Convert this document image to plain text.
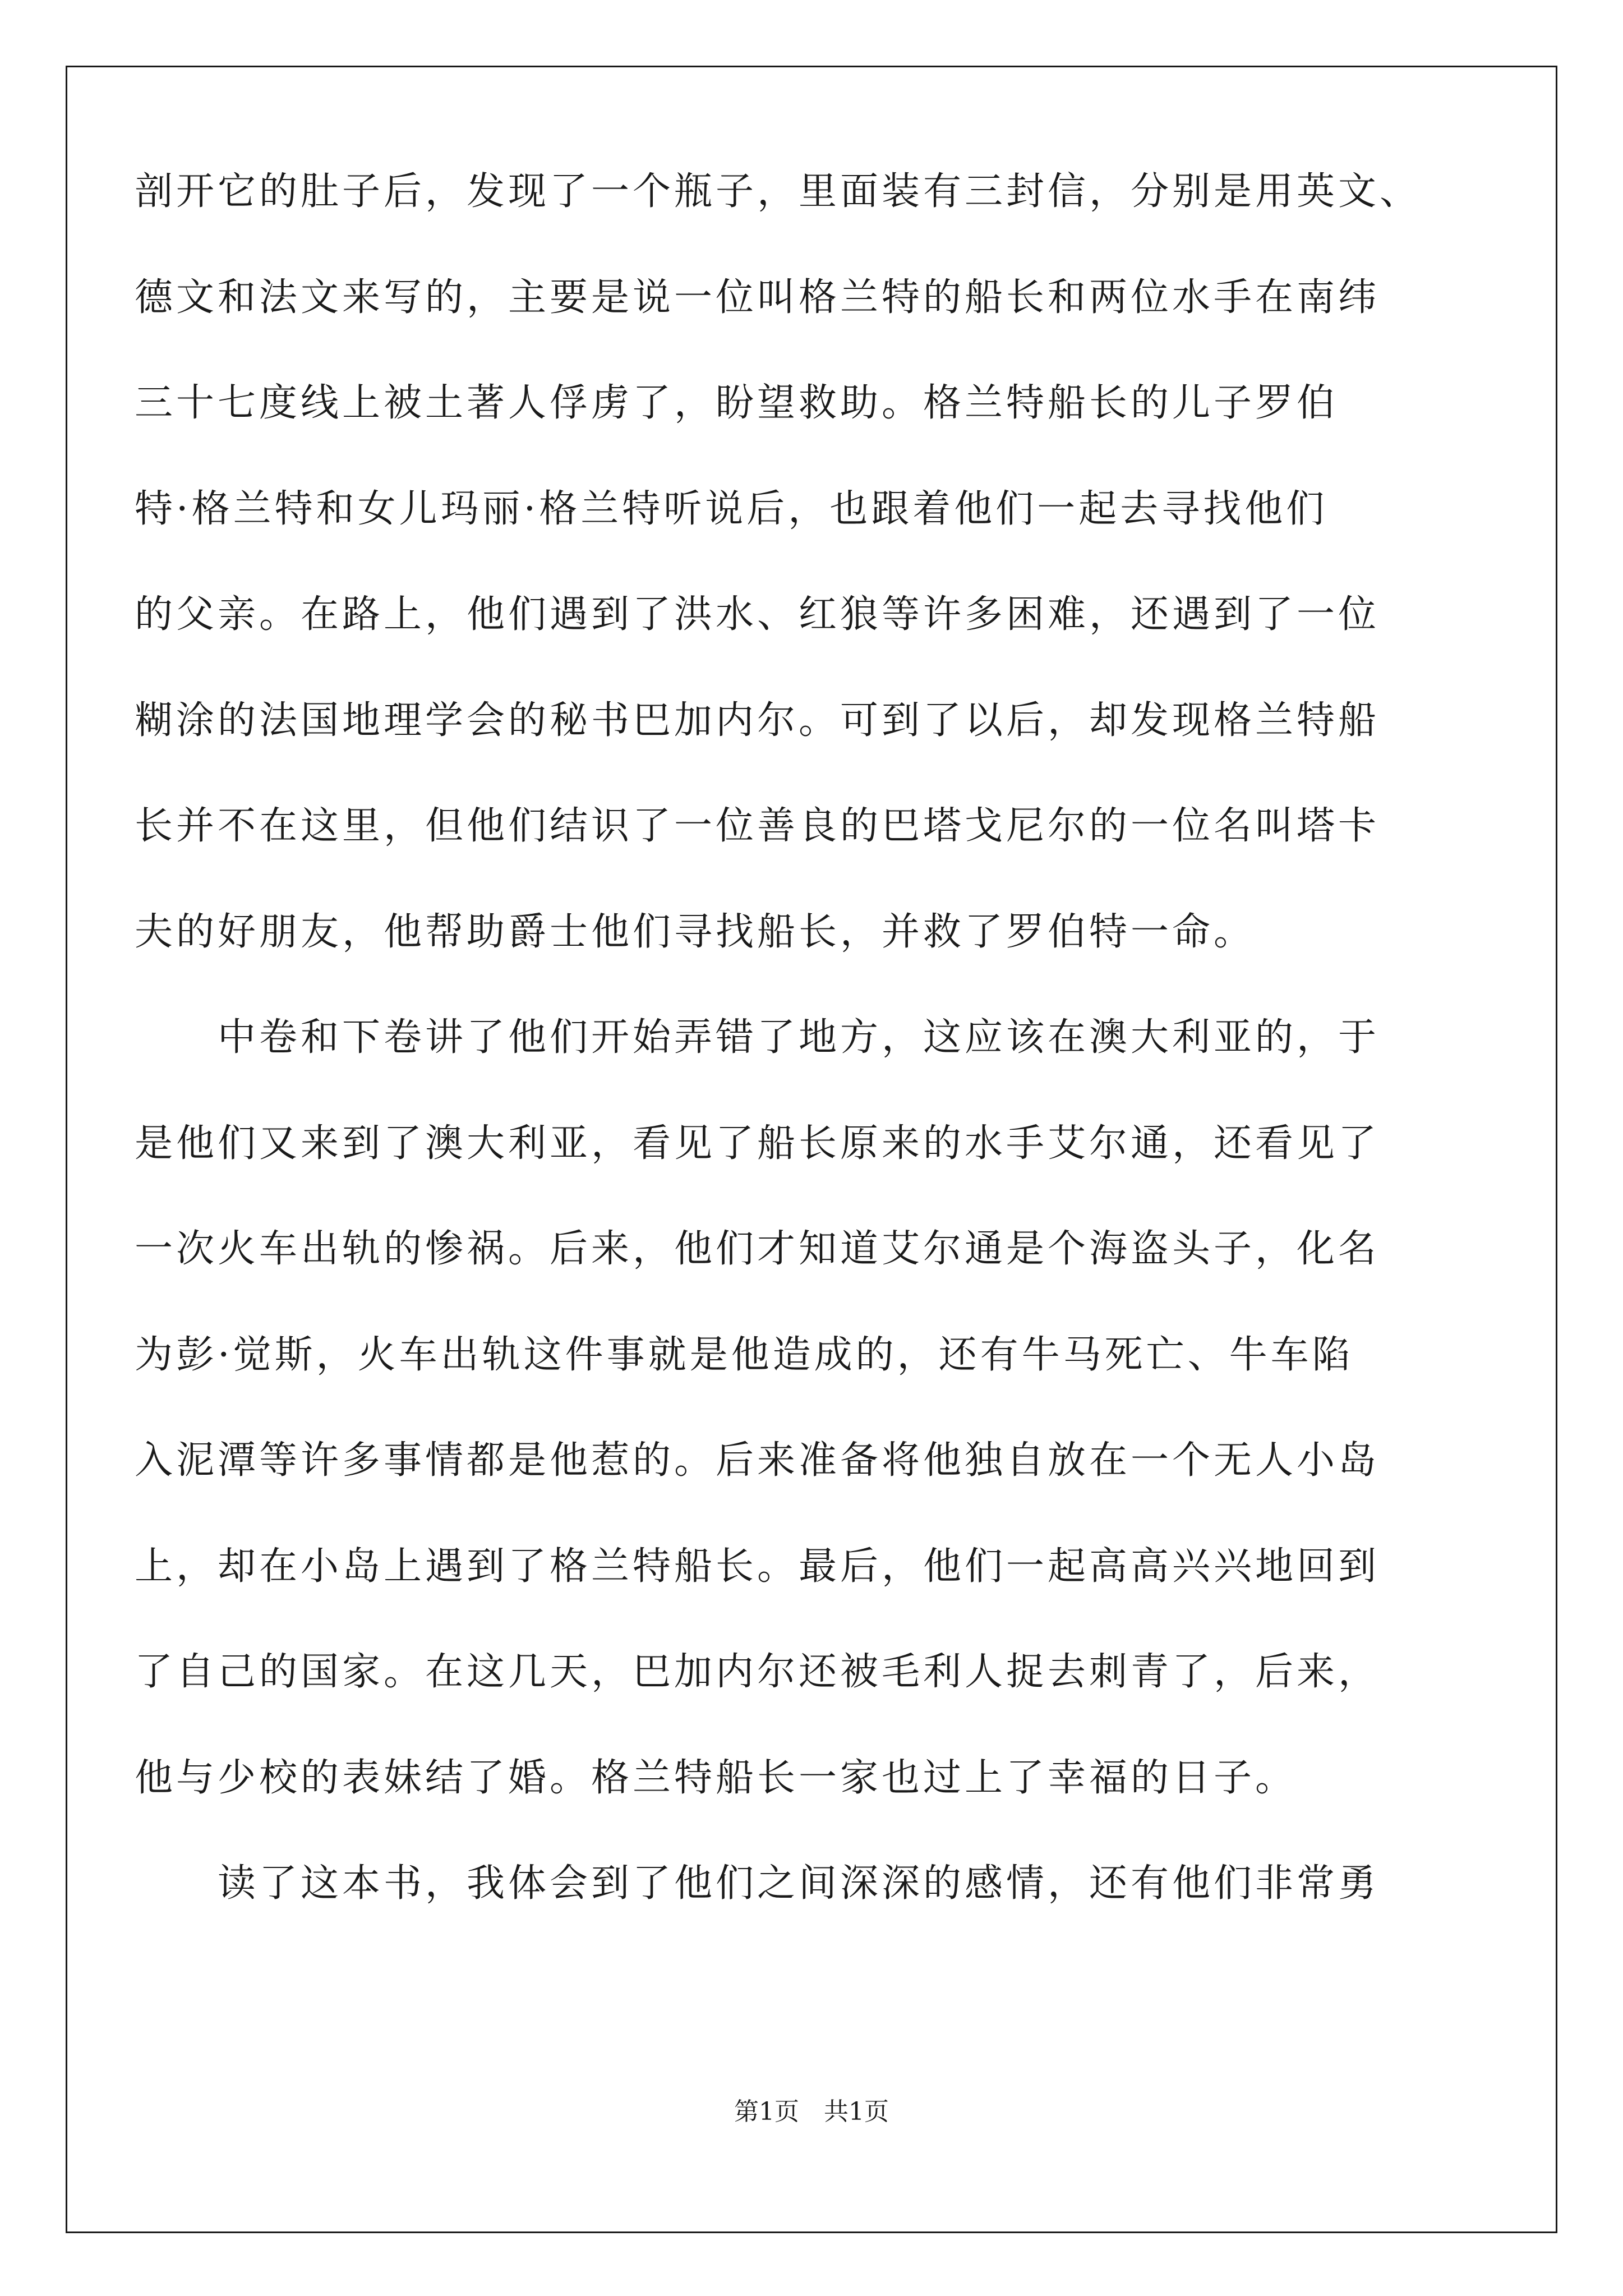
剖开它的肚子后，发现了一个瓶子，里面装有三封信，分别是用英文、
德文和法文来写的，主要是说一位叫格兰特的船长和两位水手在南纬
三十七度线上被土著人俘虏了，盼望救助。格兰特船长的儿子罗伯
特·格兰特和女儿玛丽·格兰特听说后，也跟着他们一起去寻找他们
的父亲。在路上，他们遇到了洪水、红狼等许多困难，还遇到了一位
糊涂的法国地理学会的秘书巴加内尔。可到了以后，却发现格兰特船
长并不在这里，但他们结识了一位善良的巴塔戈尼尔的一位名叫塔卡
夫的好朋友，他帮助爵士他们寻找船长，并救了罗伯特一命。
中卷和下卷讲了他们开始弄错了地方，这应该在澳大利亚的，于
是他们又来到了澳大利亚，看见了船长原来的水手艾尔通，还看见了
一次火车出轨的惨祸。后来，他们才知道艾尔通是个海盗头子，化名
为彭·觉斯，火车出轨这件事就是他造成的，还有牛马死亡、牛车陷
入泥潭等许多事情都是他惹的。后来准备将他独自放在一个无人小岛
上，却在小岛上遇到了格兰特船长。最后，他们一起高高兴兴地回到
了自己的国家。在这几天，巴加内尔还被毛利人捉去刺青了，后来，
他与少校的表妹结了婚。格兰特船长一家也过上了幸福的日子。
读了这本书，我体会到了他们之间深深的感情，还有他们非常勇
第1页　共1页
